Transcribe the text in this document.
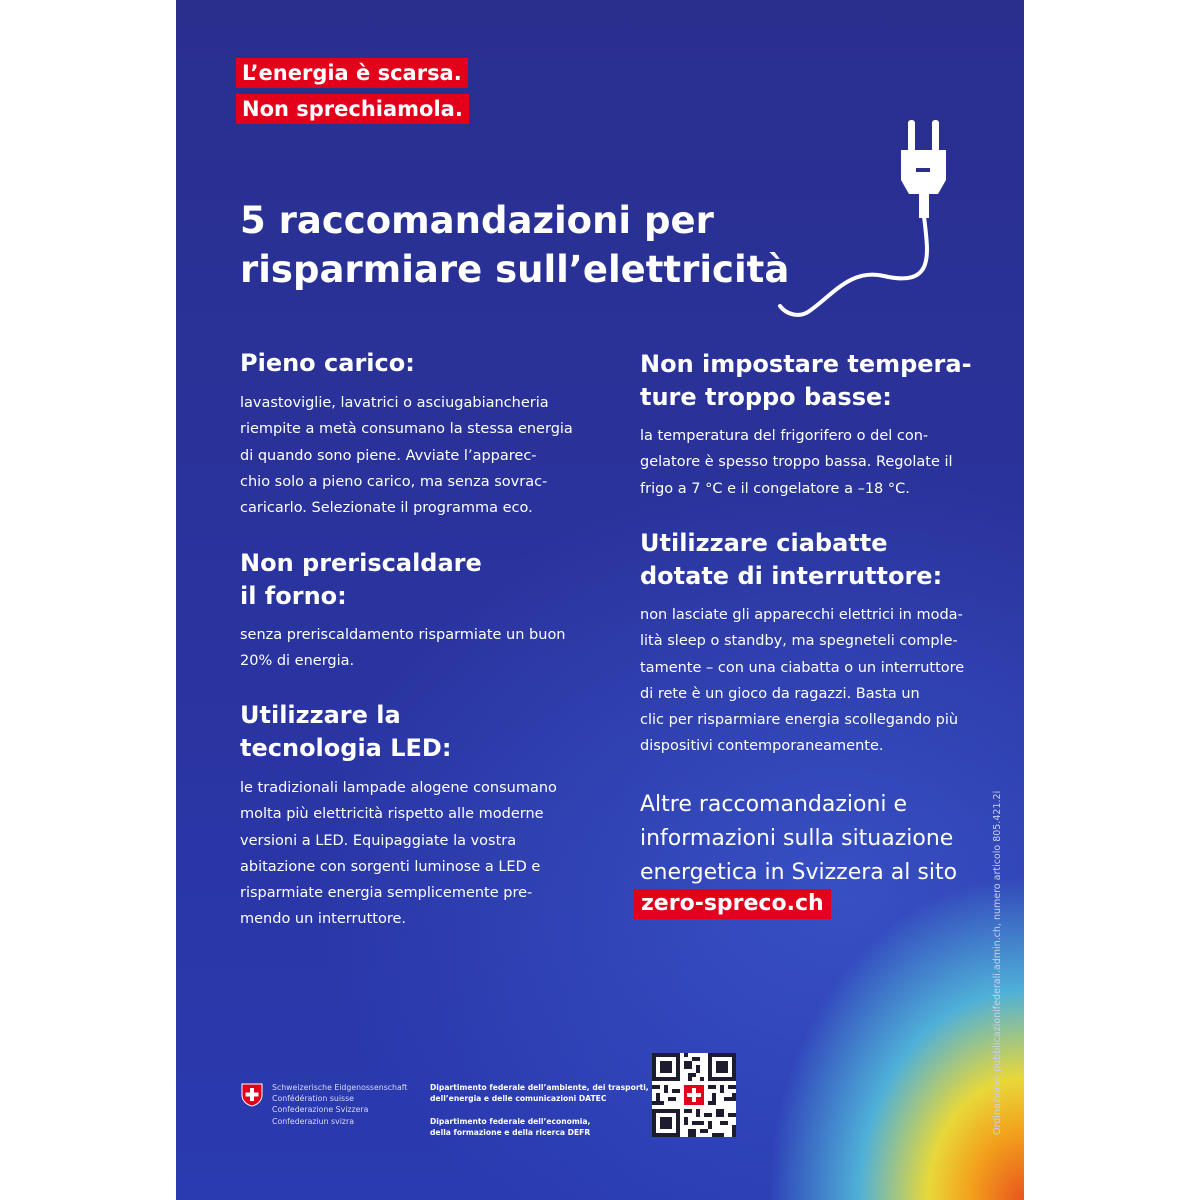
L’energia è scarsa.
Non sprechiamola.
5 raccomandazioni per risparmiare sull’elettricità
Pieno carico:

lavastoviglie, lavatrici o asciugabiancheria
riempite a metà consumano la stessa energia
di quando sono piene. Avviate l’apparec-
chio solo a pieno carico, ma senza sovrac-
caricarlo. Selezionate il programma eco.

Non preriscaldare
il forno:

senza preriscaldamento risparmiate un buon
20% di energia.

Utilizzare la
tecnologia LED:

le tradizionali lampade alogene consumano
molta più elettricità rispetto alle moderne
versioni a LED. Equipaggiate la vostra
abitazione con sorgenti luminose a LED e
risparmiate energia semplicemente pre-
mendo un interruttore.

Non impostare tempera-
ture troppo basse:

la temperatura del frigorifero o del con-
gelatore è spesso troppo bassa. Regolate il
frigo a 7 °C e il congelatore a –18 °C.

Utilizzare ciabatte
dotate di interruttore:

non lasciate gli apparecchi elettrici in moda-
lità sleep o standby, ma spegneteli comple-
tamente – con una ciabatta o un interruttore
di rete è un gioco da ragazzi. Basta un
clic per risparmiare energia scollegando più
dispositivi contemporaneamente.

Altre raccomandazioni e
informazioni sulla situazione
energetica in Svizzera al sito

zero-spreco.ch	Ordinazione: pubblicazionifederali.admin.ch, numero articolo 805.421.2i
Schweizerische Eidgenossenschaft
Confédération suisse
Confederazione Svizzera
Confederaziun svizra
Dipartimento federale dell’ambiente, dei trasporti,
dell’energia e delle comunicazioni DATEC
Dipartimento federale dell’economia,
della formazione e della ricerca DEFR
